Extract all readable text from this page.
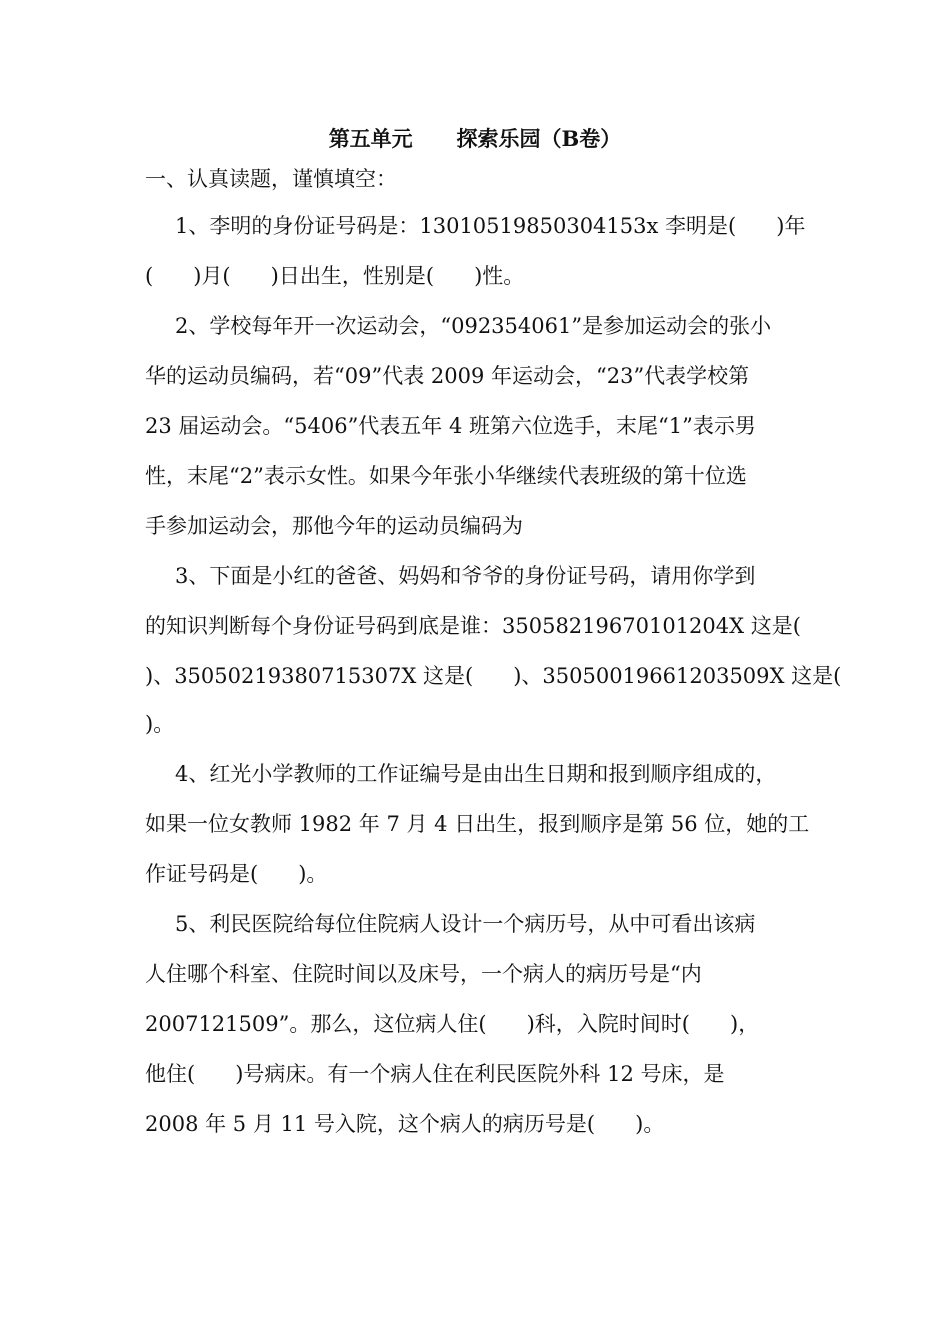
第五单元      探索乐园（B卷）
一、认真读题，谨慎填空：
1、李明的身份证号码是：13010519850304153x 李明是(      )年
(      )月(      )日出生，性别是(      )性。
2、学校每年开一次运动会，“092354061”是参加运动会的张小
华的运动员编码，若“09”代表 2009 年运动会，“23”代表学校第
23 届运动会。“5406”代表五年 4 班第六位选手，末尾“1”表示男
性，末尾“2”表示女性。如果今年张小华继续代表班级的第十位选
手参加运动会，那他今年的运动员编码为
3、下面是小红的爸爸、妈妈和爷爷的身份证号码，请用你学到
的知识判断每个身份证号码到底是谁：35058219670101204X 这是(
)、35050219380715307X 这是(      )、35050019661203509X 这是(
)。
4、红光小学教师的工作证编号是由出生日期和报到顺序组成的，
如果一位女教师 1982 年 7 月 4 日出生，报到顺序是第 56 位，她的工
作证号码是(      )。
5、利民医院给每位住院病人设计一个病历号，从中可看出该病
人住哪个科室、住院时间以及床号，一个病人的病历号是“内
2007121509”。那么，这位病人住(      )科，入院时间时(      )，
他住(      )号病床。有一个病人住在利民医院外科 12 号床，是
2008 年 5 月 11 号入院，这个病人的病历号是(      )。
